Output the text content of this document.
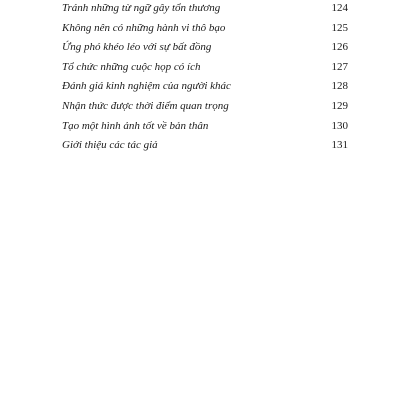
Tránh những từ ngữ gây tổn thương	124
Không nên có những hành vi thô bạo	125
Ứng phó khéo léo với sự bất đồng	126
Tổ chức những cuộc họp có ích	127
Đánh giá kinh nghiệm của người khác	128
Nhận thức được thời điểm quan trọng	129
Tạo một hình ảnh tốt về bản thân	130
Giới thiệu các tác giả	131
